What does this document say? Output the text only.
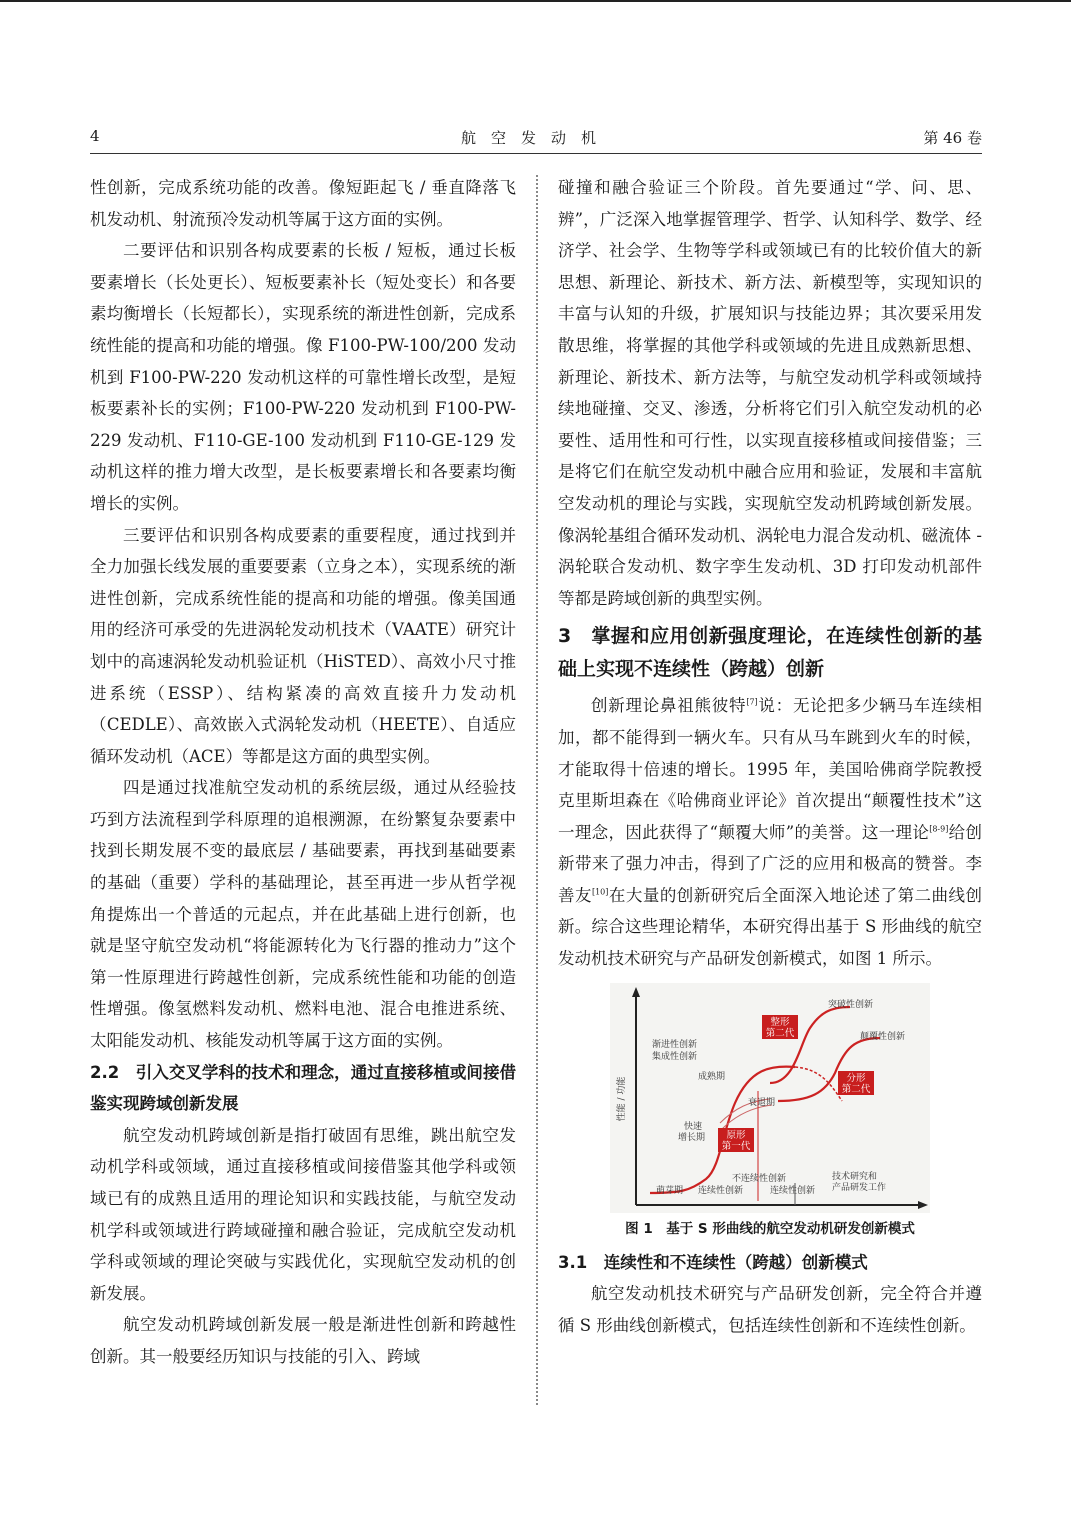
4	航空发动机	第 46 卷

性创新，完成系统功能的改善。像短距起飞 / 垂直降落飞机发动机、射流预冷发动机等属于这方面的实例。

二要评估和识别各构成要素的长板 / 短板，通过长板要素增长（长处更长）、短板要素补长（短处变长）和各要素均衡增长（长短都长），实现系统的渐进性创新，完成系统性能的提高和功能的增强。像 F100-PW-100/200 发动机到 F100-PW-220 发动机这样的可靠性增长改型，是短板要素补长的实例；F100-PW-220 发动机到 F100-PW-229 发动机、F110-GE-100 发动机到 F110-GE-129 发动机这样的推力增大改型，是长板要素增长和各要素均衡增长的实例。

三要评估和识别各构成要素的重要程度，通过找到并全力加强长线发展的重要要素（立身之本），实现系统的渐进性创新，完成系统性能的提高和功能的增强。像美国通用的经济可承受的先进涡轮发动机技术（VAATE）研究计划中的高速涡轮发动机验证机（HiSTED）、高效小尺寸推进系统（ESSP）、结构紧凑的高效直接升力发动机（CEDLE）、高效嵌入式涡轮发动机（HEETE）、自适应循环发动机（ACE）等都是这方面的典型实例。

四是通过找准航空发动机的系统层级，通过从经验技巧到方法流程到学科原理的追根溯源，在纷繁复杂要素中找到长期发展不变的最底层 / 基础要素，再找到基础要素的基础（重要）学科的基础理论，甚至再进一步从哲学视角提炼出一个普适的元起点，并在此基础上进行创新，也就是坚守航空发动机“将能源转化为飞行器的推动力”这个第一性原理进行跨越性创新，完成系统性能和功能的创造性增强。像氢燃料发动机、燃料电池、混合电推进系统、太阳能发动机、核能发动机等属于这方面的实例。

2.2　引入交叉学科的技术和理念，通过直接移植或间接借鉴实现跨域创新发展

航空发动机跨域创新是指打破固有思维，跳出航空发动机学科或领域，通过直接移植或间接借鉴其他学科或领域已有的成熟且适用的理论知识和实践技能，与航空发动机学科或领域进行跨域碰撞和融合验证，完成航空发动机学科或领域的理论突破与实践优化，实现航空发动机的创新发展。

航空发动机跨域创新发展一般是渐进性创新和跨越性创新。其一般要经历知识与技能的引入、跨域

碰撞和融合验证三个阶段。首先要通过“学、问、思、辨”，广泛深入地掌握管理学、哲学、认知科学、数学、经济学、社会学、生物等学科或领域已有的比较价值大的新思想、新理论、新技术、新方法、新模型等，实现知识的丰富与认知的升级，扩展知识与技能边界；其次要采用发散思维，将掌握的其他学科或领域的先进且成熟新思想、新理论、新技术、新方法等，与航空发动机学科或领域持续地碰撞、交叉、渗透，分析将它们引入航空发动机的必要性、适用性和可行性，以实现直接移植或间接借鉴；三是将它们在航空发动机中融合应用和验证，发展和丰富航空发动机的理论与实践，实现航空发动机跨域创新发展。像涡轮基组合循环发动机、涡轮电力混合发动机、磁流体 - 涡轮联合发动机、数字孪生发动机、3D 打印发动机部件等都是跨域创新的典型实例。

3　掌握和应用创新强度理论，在连续性创新的基础上实现不连续性（跨越）创新

创新理论鼻祖熊彼特[7]说：无论把多少辆马车连续相加，都不能得到一辆火车。只有从马车跳到火车的时候，才能取得十倍速的增长。1995 年，美国哈佛商学院教授克里斯坦森在《哈佛商业评论》首次提出“颠覆性技术”这一理念，因此获得了“颠覆大师”的美誉。这一理论[8-9]给创新带来了强力冲击，得到了广泛的应用和极高的赞誉。李善友[10]在大量的创新研究后全面深入地论述了第二曲线创新。综合这些理论精华，本研究得出基于 S 形曲线的航空发动机技术研究与产品研发创新模式，如图 1 所示。

性能 / 功能
突破性创新
颠覆性创新
渐进性创新
集成性创新
成熟期
衰退期
快速
增长期
萌芽期 连续性创新	连续性创新
不连续性创新	技术研究和
产品研发工作
原形
第一代
整形
第二代
分形
第二代

图 1　基于 S 形曲线的航空发动机研发创新模式

3.1　连续性和不连续性（跨越）创新模式

航空发动机技术研究与产品研发创新，完全符合并遵循 S 形曲线创新模式，包括连续性创新和不连续性创新。
